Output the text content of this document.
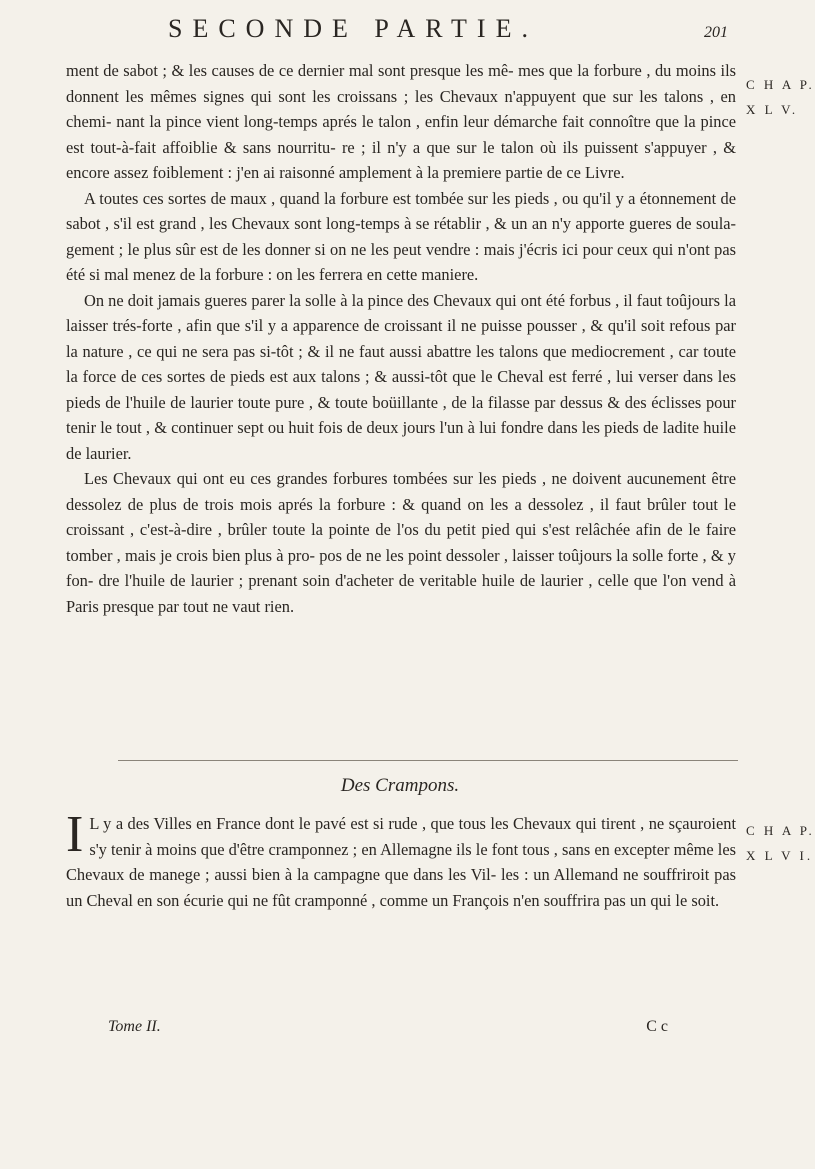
SECONDE PARTIE.	201
C H A P.
X L V.

ment de sabot ; & les causes de ce dernier mal sont presque les mê- mes que la forbure , du moins ils donnent les mêmes signes qui sont les croissans ; les Chevaux n'appuyent que sur les talons , en chemi- nant la pince vient long-temps aprés le talon , enfin leur démarche fait connoître que la pince est tout-à-fait affoiblie & sans nourritu- re ; il n'y a que sur le talon où ils puissent s'appuyer , & encore assez foiblement : j'en ai raisonné amplement à la premiere partie de ce Livre.

A toutes ces sortes de maux , quand la forbure est tombée sur les pieds , ou qu'il y a étonnement de sabot , s'il est grand , les Chevaux sont long-temps à se rétablir , & un an n'y apporte gueres de soula- gement ; le plus sûr est de les donner si on ne les peut vendre : mais j'écris ici pour ceux qui n'ont pas été si mal menez de la forbure : on les ferrera en cette maniere.

On ne doit jamais gueres parer la solle à la pince des Chevaux qui ont été forbus , il faut toûjours la laisser trés-forte , afin que s'il y a apparence de croissant il ne puisse pousser , & qu'il soit refous par la nature , ce qui ne sera pas si-tôt ; & il ne faut aussi abattre les talons que mediocrement , car toute la force de ces sortes de pieds est aux talons ; & aussi-tôt que le Cheval est ferré , lui verser dans les pieds de l'huile de laurier toute pure , & toute boüillante , de la filasse par dessus & des éclisses pour tenir le tout , & continuer sept ou huit fois de deux jours l'un à lui fondre dans les pieds de ladite huile de laurier.

Les Chevaux qui ont eu ces grandes forbures tombées sur les pieds , ne doivent aucunement être dessolez de plus de trois mois aprés la forbure : & quand on les a dessolez , il faut brûler tout le croissant , c'est-à-dire , brûler toute la pointe de l'os du petit pied qui s'est relâchée afin de le faire tomber , mais je crois bien plus à pro- pos de ne les point dessoler , laisser toûjours la solle forte , & y fon- dre l'huile de laurier ; prenant soin d'acheter de veritable huile de laurier , celle que l'on vend à Paris presque par tout ne vaut rien.

Des Crampons.
C H A P.
X L V I.
I L y a des Villes en France dont le pavé est si rude , que tous les Chevaux qui tirent , ne sçauroient s'y tenir à moins que d'être cramponnez ; en Allemagne ils le font tous , sans en excepter même les Chevaux de manege ; aussi bien à la campagne que dans les Vil- les : un Allemand ne souffriroit pas un Cheval en son écurie qui ne fût cramponné , comme un François n'en souffrira pas un qui le soit.
Tome II.	C c
